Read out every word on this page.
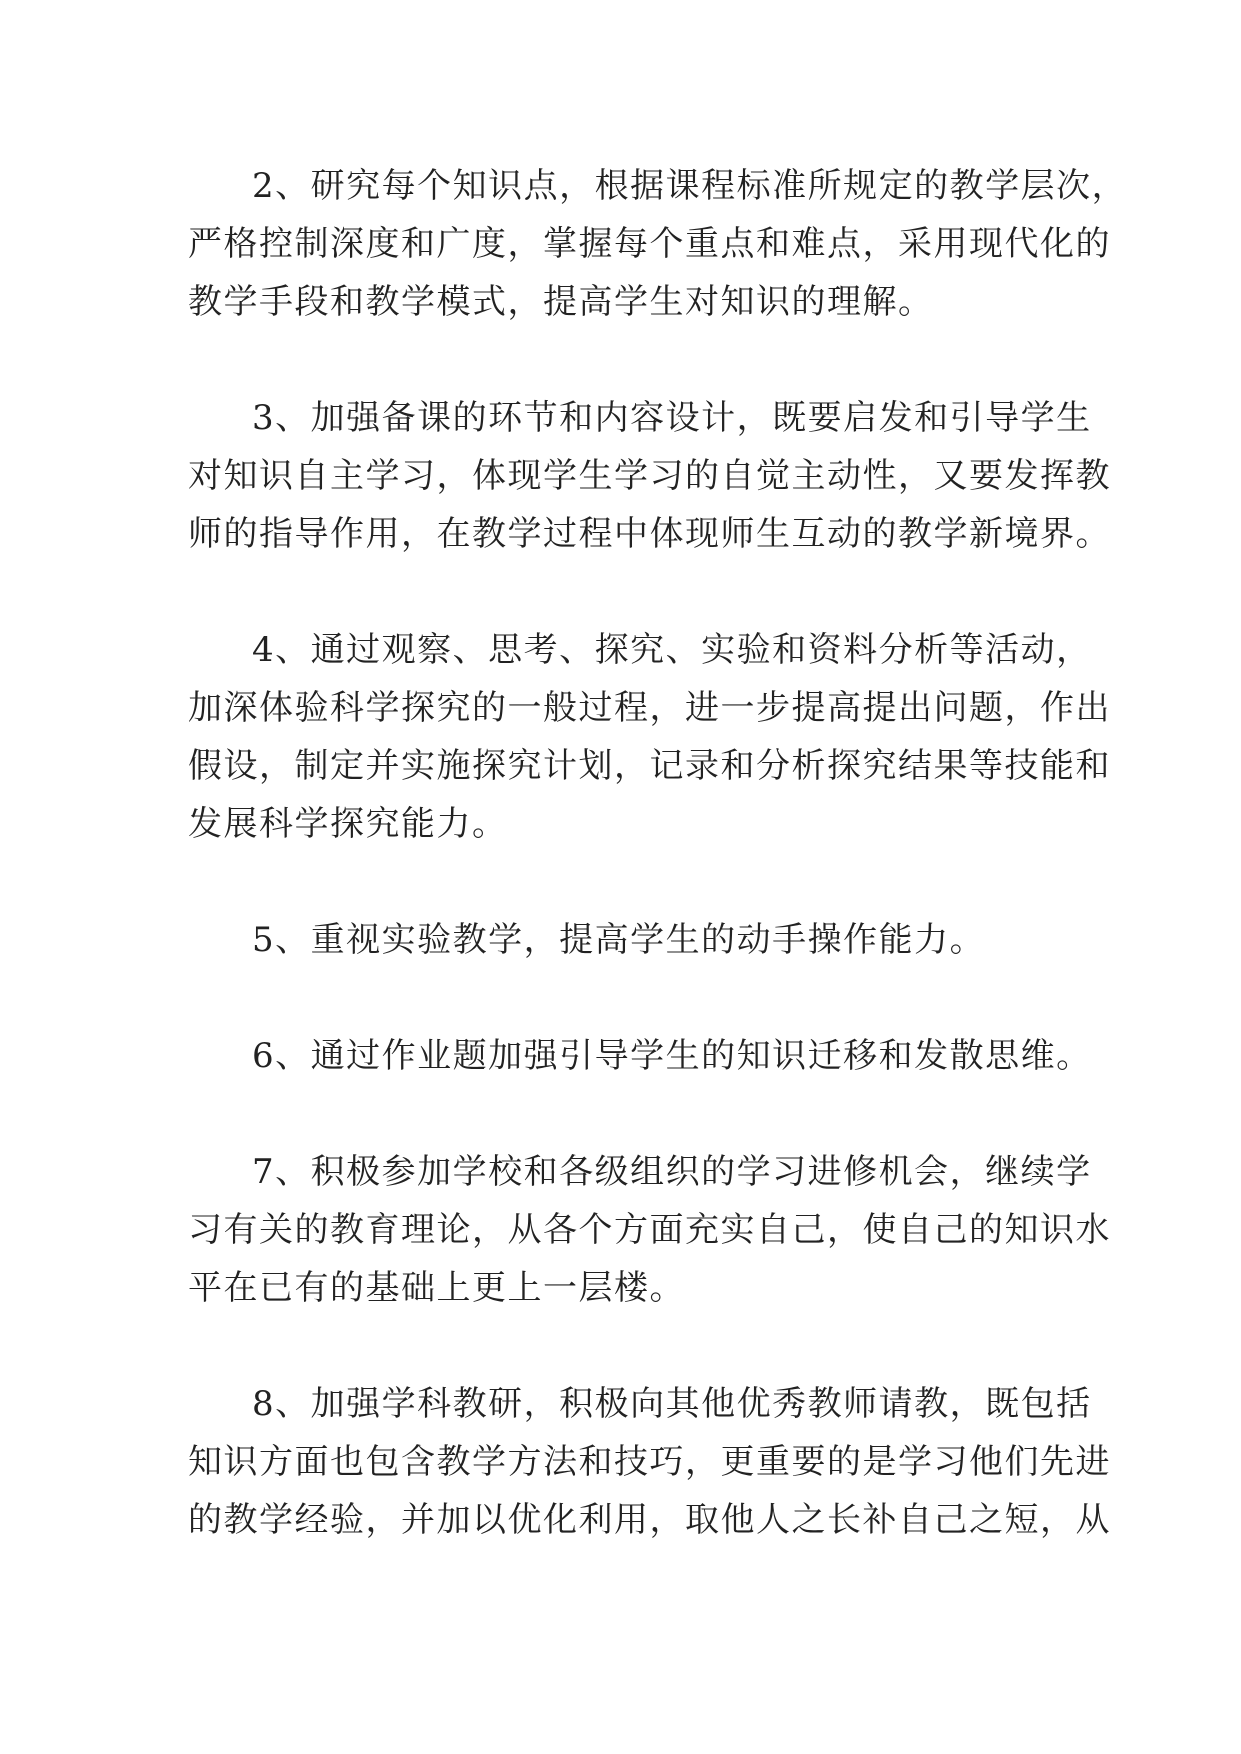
2、研究每个知识点，根据课程标准所规定的教学层次，
严格控制深度和广度，掌握每个重点和难点，采用现代化的
教学手段和教学模式，提高学生对知识的理解。

3、加强备课的环节和内容设计，既要启发和引导学生
对知识自主学习，体现学生学习的自觉主动性，又要发挥教
师的指导作用，在教学过程中体现师生互动的教学新境界。

4、通过观察、思考、探究、实验和资料分析等活动，
加深体验科学探究的一般过程，进一步提高提出问题，作出
假设，制定并实施探究计划，记录和分析探究结果等技能和
发展科学探究能力。

5、重视实验教学，提高学生的动手操作能力。

6、通过作业题加强引导学生的知识迁移和发散思维。

7、积极参加学校和各级组织的学习进修机会，继续学
习有关的教育理论，从各个方面充实自己，使自己的知识水
平在已有的基础上更上一层楼。

8、加强学科教研，积极向其他优秀教师请教，既包括
知识方面也包含教学方法和技巧，更重要的是学习他们先进
的教学经验，并加以优化利用，取他人之长补自己之短，从
